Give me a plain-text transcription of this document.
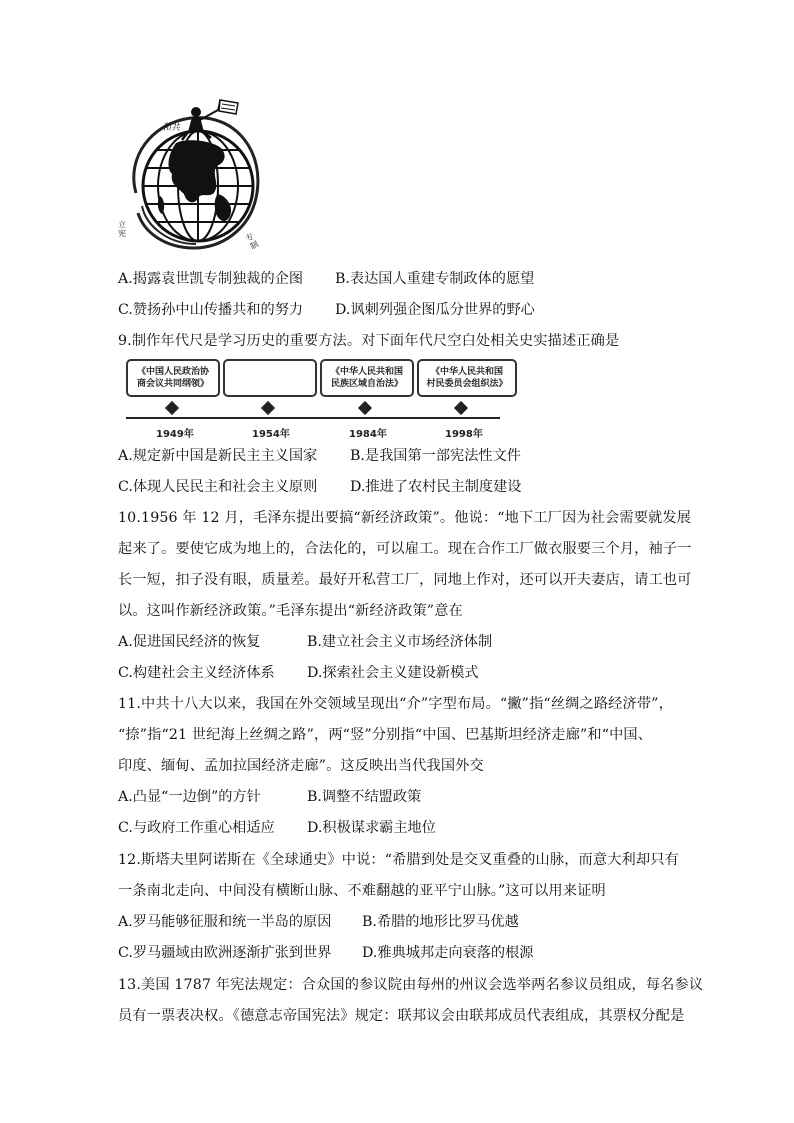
和共
立宪	专制
A.揭露袁世凯专制独裁的企图 B.表达国人重建专制政体的愿望
C.赞扬孙中山传播共和的努力 D.讽刺列强企图瓜分世界的野心
9.制作年代尺是学习历史的重要方法。对下面年代尺空白处相关史实描述正确是
《中国人民政治协
商会议共同纲领》
《中华人民共和国
民族区域自治法》
《中华人民共和国
村民委员会组织法》
1949年	1954年	1984年	1998年
A.规定新中国是新民主主义国家 B.是我国第一部宪法性文件
C.体现人民民主和社会主义原则 D.推进了农村民主制度建设
10.1956 年 12 月，毛泽东提出要搞“新经济政策”。他说：“地下工厂因为社会需要就发展
起来了。要使它成为地上的，合法化的，可以雇工。现在合作工厂做衣服要三个月，袖子一
长一短，扣子没有眼，质量差。最好开私营工厂，同地上作对，还可以开夫妻店，请工也可
以。这叫作新经济政策。”毛泽东提出“新经济政策”意在
A.促进国民经济的恢复	B.建立社会主义市场经济体制
C.构建社会主义经济体系 D.探索社会主义建设新模式
11.中共十八大以来，我国在外交领域呈现出“介”字型布局。“撇”指“丝绸之路经济带”，
“捺”指“21 世纪海上丝绸之路”，两“竖”分别指“中国、巴基斯坦经济走廊”和“中国、
印度、缅甸、孟加拉国经济走廊”。这反映出当代我国外交
A.凸显“一边倒”的方针	B.调整不结盟政策
C.与政府工作重心相适应 D.积极谋求霸主地位
12.斯塔夫里阿诺斯在《全球通史》中说：“希腊到处是交叉重叠的山脉，而意大利却只有
一条南北走向、中间没有横断山脉、不难翻越的亚平宁山脉。”这可以用来证明
A.罗马能够征服和统一半岛的原因 B.希腊的地形比罗马优越
C.罗马疆域由欧洲逐渐扩张到世界 D.雅典城邦走向衰落的根源
13.美国 1787 年宪法规定：合众国的参议院由每州的州议会选举两名参议员组成，每名参议
员有一票表决权。《德意志帝国宪法》规定：联邦议会由联邦成员代表组成，其票权分配是
